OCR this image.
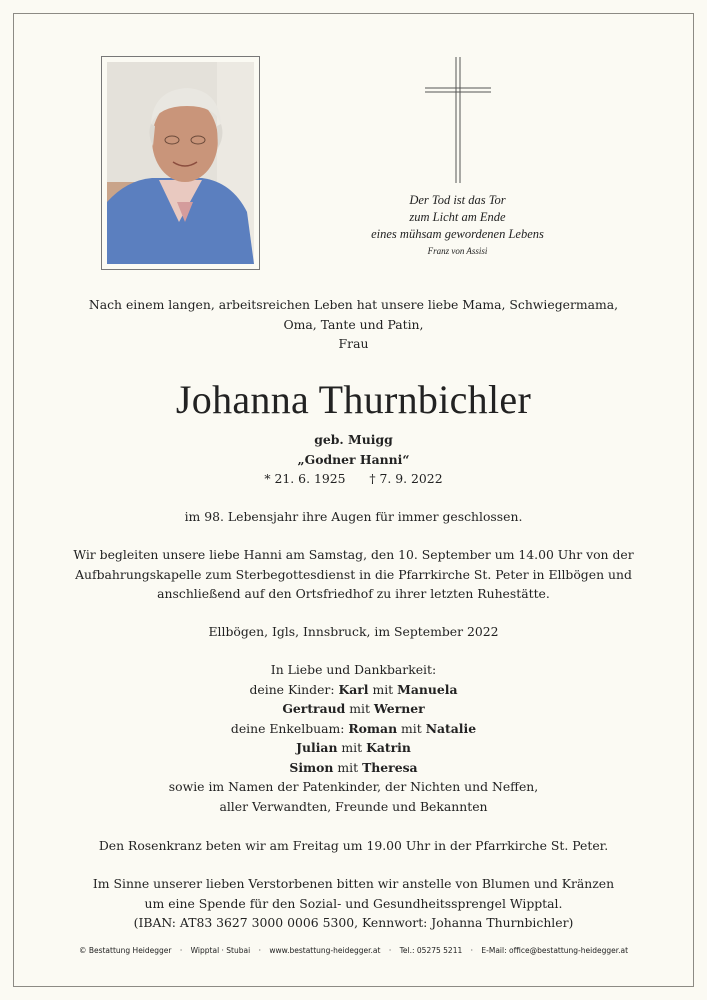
Der Tod ist das Tor
zum Licht am Ende
eines mühsam gewordenen Lebens
Franz von Assisi
Nach einem langen, arbeitsreichen Leben hat unsere liebe Mama, Schwiegermama,
Oma, Tante und Patin,
Frau
Johanna Thurnbichler
geb. Muigg
„Godner Hanni“
* 21. 6. 1925 † 7. 9. 2022
im 98. Lebensjahr ihre Augen für immer geschlossen.
Wir begleiten unsere liebe Hanni am Samstag, den 10. September um 14.00 Uhr von der
Aufbahrungskapelle zum Sterbegottesdienst in die Pfarrkirche St. Peter in Ellbögen und
anschließend auf den Ortsfriedhof zu ihrer letzten Ruhestätte.
Ellbögen, Igls, Innsbruck, im September 2022
In Liebe und Dankbarkeit:
deine Kinder: Karl mit Manuela
Gertraud mit Werner
deine Enkelbuam: Roman mit Natalie
Julian mit Katrin
Simon mit Theresa
sowie im Namen der Patenkinder, der Nichten und Neffen,
aller Verwandten, Freunde und Bekannten
Den Rosenkranz beten wir am Freitag um 19.00 Uhr in der Pfarrkirche St. Peter.
Im Sinne unserer lieben Verstorbenen bitten wir anstelle von Blumen und Kränzen
um eine Spende für den Sozial- und Gesundheitssprengel Wipptal.
(IBAN: AT83 3627 3000 0006 5300, Kennwort: Johanna Thurnbichler)
© Bestattung Heidegger · Wipptal · Stubai · www.bestattung-heidegger.at · Tel.: 05275 5211 · E-Mail: office@bestattung-heidegger.at
